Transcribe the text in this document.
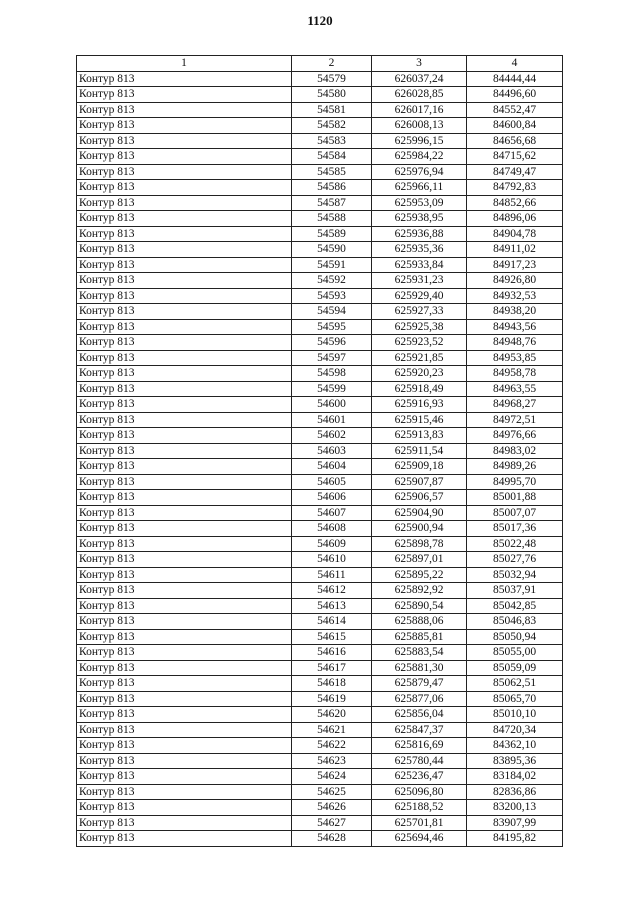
1120
1	2	3	4
Контур 813	54579	626037,24	84444,44
Контур 813	54580	626028,85	84496,60
Контур 813	54581	626017,16	84552,47
Контур 813	54582	626008,13	84600,84
Контур 813	54583	625996,15	84656,68
Контур 813	54584	625984,22	84715,62
Контур 813	54585	625976,94	84749,47
Контур 813	54586	625966,11	84792,83
Контур 813	54587	625953,09	84852,66
Контур 813	54588	625938,95	84896,06
Контур 813	54589	625936,88	84904,78
Контур 813	54590	625935,36	84911,02
Контур 813	54591	625933,84	84917,23
Контур 813	54592	625931,23	84926,80
Контур 813	54593	625929,40	84932,53
Контур 813	54594	625927,33	84938,20
Контур 813	54595	625925,38	84943,56
Контур 813	54596	625923,52	84948,76
Контур 813	54597	625921,85	84953,85
Контур 813	54598	625920,23	84958,78
Контур 813	54599	625918,49	84963,55
Контур 813	54600	625916,93	84968,27
Контур 813	54601	625915,46	84972,51
Контур 813	54602	625913,83	84976,66
Контур 813	54603	625911,54	84983,02
Контур 813	54604	625909,18	84989,26
Контур 813	54605	625907,87	84995,70
Контур 813	54606	625906,57	85001,88
Контур 813	54607	625904,90	85007,07
Контур 813	54608	625900,94	85017,36
Контур 813	54609	625898,78	85022,48
Контур 813	54610	625897,01	85027,76
Контур 813	54611	625895,22	85032,94
Контур 813	54612	625892,92	85037,91
Контур 813	54613	625890,54	85042,85
Контур 813	54614	625888,06	85046,83
Контур 813	54615	625885,81	85050,94
Контур 813	54616	625883,54	85055,00
Контур 813	54617	625881,30	85059,09
Контур 813	54618	625879,47	85062,51
Контур 813	54619	625877,06	85065,70
Контур 813	54620	625856,04	85010,10
Контур 813	54621	625847,37	84720,34
Контур 813	54622	625816,69	84362,10
Контур 813	54623	625780,44	83895,36
Контур 813	54624	625236,47	83184,02
Контур 813	54625	625096,80	82836,86
Контур 813	54626	625188,52	83200,13
Контур 813	54627	625701,81	83907,99
Контур 813	54628	625694,46	84195,82
